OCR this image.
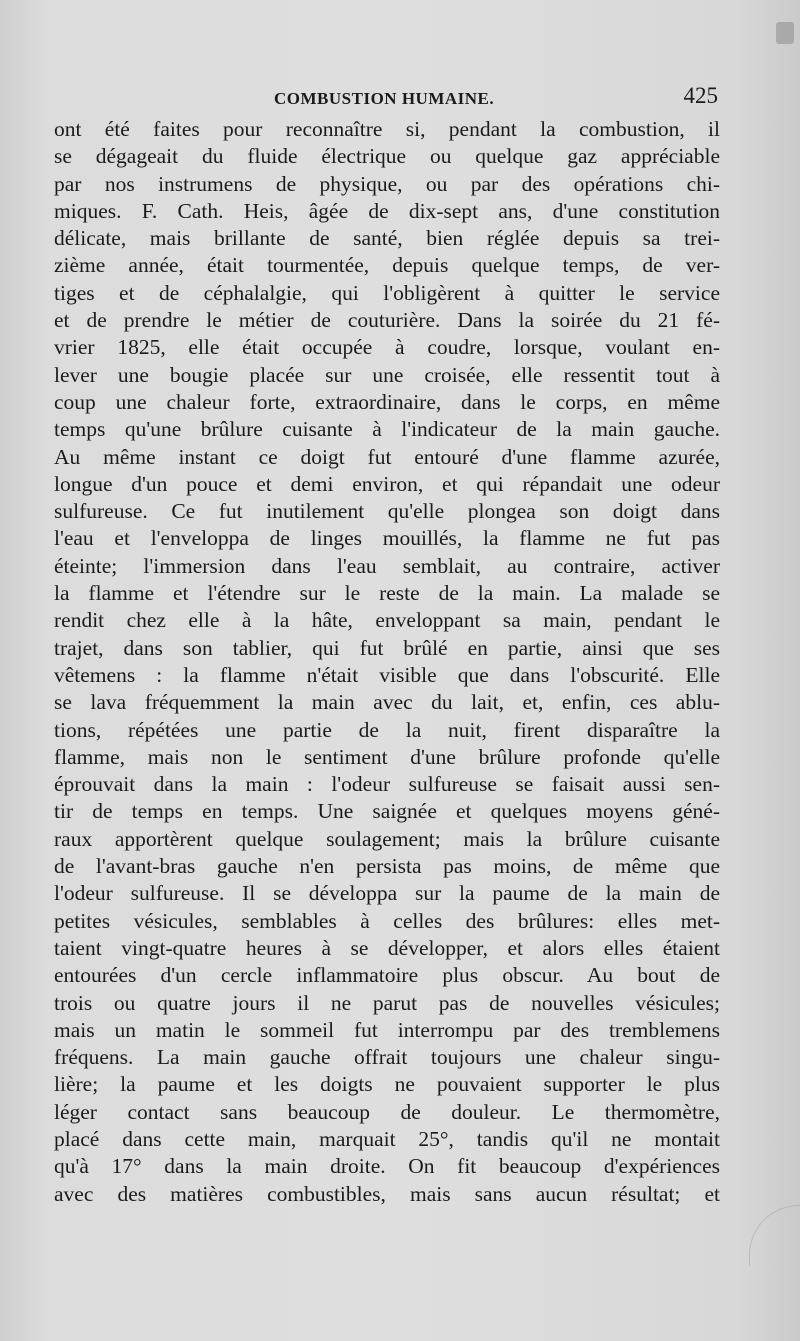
COMBUSTION HUMAINE.	425
ont été faites pour reconnaître si, pendant la combustion, il
se dégageait du fluide électrique ou quelque gaz appréciable
par nos instrumens de physique, ou par des opérations chi-
miques. F. Cath. Heis, âgée de dix-sept ans, d'une constitution
délicate, mais brillante de santé, bien réglée depuis sa trei-
zième année, était tourmentée, depuis quelque temps, de ver-
tiges et de céphalalgie, qui l'obligèrent à quitter le service
et de prendre le métier de couturière. Dans la soirée du 21 fé-
vrier 1825, elle était occupée à coudre, lorsque, voulant en-
lever une bougie placée sur une croisée, elle ressentit tout à
coup une chaleur forte, extraordinaire, dans le corps, en même
temps qu'une brûlure cuisante à l'indicateur de la main gauche.
Au même instant ce doigt fut entouré d'une flamme azurée,
longue d'un pouce et demi environ, et qui répandait une odeur
sulfureuse. Ce fut inutilement qu'elle plongea son doigt dans
l'eau et l'enveloppa de linges mouillés, la flamme ne fut pas
éteinte; l'immersion dans l'eau semblait, au contraire, activer
la flamme et l'étendre sur le reste de la main. La malade se
rendit chez elle à la hâte, enveloppant sa main, pendant le
trajet, dans son tablier, qui fut brûlé en partie, ainsi que ses
vêtemens : la flamme n'était visible que dans l'obscurité. Elle
se lava fréquemment la main avec du lait, et, enfin, ces ablu-
tions, répétées une partie de la nuit, firent disparaître la
flamme, mais non le sentiment d'une brûlure profonde qu'elle
éprouvait dans la main : l'odeur sulfureuse se faisait aussi sen-
tir de temps en temps. Une saignée et quelques moyens géné-
raux apportèrent quelque soulagement; mais la brûlure cuisante
de l'avant-bras gauche n'en persista pas moins, de même que
l'odeur sulfureuse. Il se développa sur la paume de la main de
petites vésicules, semblables à celles des brûlures: elles met-
taient vingt-quatre heures à se développer, et alors elles étaient
entourées d'un cercle inflammatoire plus obscur. Au bout de
trois ou quatre jours il ne parut pas de nouvelles vésicules;
mais un matin le sommeil fut interrompu par des tremblemens
fréquens. La main gauche offrait toujours une chaleur singu-
lière; la paume et les doigts ne pouvaient supporter le plus
léger contact sans beaucoup de douleur. Le thermomètre,
placé dans cette main, marquait 25°, tandis qu'il ne montait
qu'à 17° dans la main droite. On fit beaucoup d'expériences
avec des matières combustibles, mais sans aucun résultat; et
